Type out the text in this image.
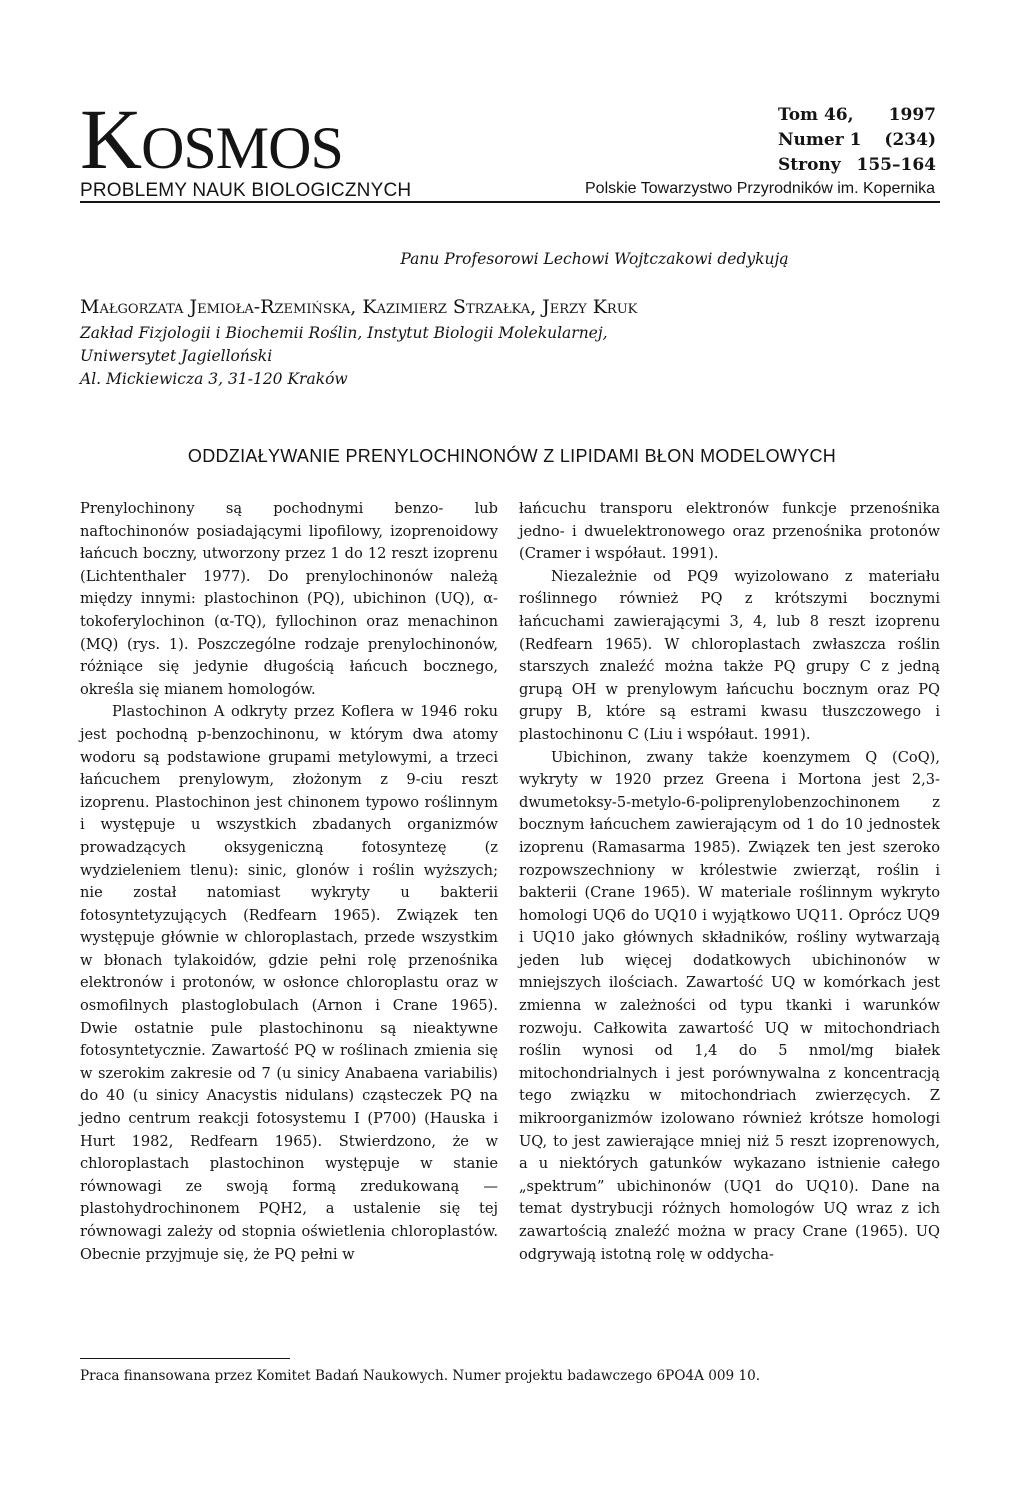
Kosmos
PROBLEMY NAUK BIOLOGICZNYCH
Tom 46, 1997
Numer 1 (234)
Strony 155–164
Polskie Towarzystwo Przyrodników im. Kopernika
Panu Profesorowi Lechowi Wojtczakowi dedykują
Małgorzata Jemioła-Rzemińska, Kazimierz Strzałka, Jerzy Kruk
Zakład Fizjologii i Biochemii Roślin, Instytut Biologii Molekularnej,
Uniwersytet Jagielloński
Al. Mickiewicza 3, 31-120 Kraków
ODDZIAŁYWANIE PRENYLOCHINONÓW Z LIPIDAMI BŁON MODELOWYCH

Prenylochinony są pochodnymi benzo- lub naftochinonów posiadającymi lipofilowy, izoprenoidowy łańcuch boczny, utworzony przez 1 do 12 reszt izoprenu (Lichtenthaler 1977). Do prenylochinonów należą między innymi: plastochinon (PQ), ubichinon (UQ), α-tokoferylochinon (α-TQ), fyllochinon oraz menachinon (MQ) (rys. 1). Poszczególne rodzaje prenylochinonów, różniące się jedynie długością łańcuch bocznego, określa się mianem homologów.

Plastochinon A odkryty przez Koflera w 1946 roku jest pochodną p-benzochinonu, w którym dwa atomy wodoru są podstawione grupami metylowymi, a trzeci łańcuchem prenylowym, złożonym z 9-ciu reszt izoprenu. Plastochinon jest chinonem typowo roślinnym i występuje u wszystkich zbadanych organizmów prowadzących oksygeniczną fotosyntezę (z wydzieleniem tlenu): sinic, glonów i roślin wyższych; nie został natomiast wykryty u bakterii fotosyntetyzujących (Redfearn 1965). Związek ten występuje głównie w chloroplastach, przede wszystkim w błonach tylakoidów, gdzie pełni rolę przenośnika elektronów i protonów, w osłonce chloroplastu oraz w osmofilnych plastoglobulach (Arnon i Crane 1965). Dwie ostatnie pule plastochinonu są nieaktywne fotosyntetycznie. Zawartość PQ w roślinach zmienia się w szerokim zakresie od 7 (u sinicy Anabaena variabilis) do 40 (u sinicy Anacystis nidulans) cząsteczek PQ na jedno centrum reakcji fotosystemu I (P700) (Hauska i Hurt 1982, Redfearn 1965). Stwierdzono, że w chloroplastach plastochinon występuje w stanie równowagi ze swoją formą zredukowaną — plastohydrochinonem PQH2, a ustalenie się tej równowagi zależy od stopnia oświetlenia chloroplastów. Obecnie przyjmuje się, że PQ pełni w

łańcuchu transporu elektronów funkcje przenośnika jedno- i dwuelektronowego oraz przenośnika protonów (Cramer i współaut. 1991).

Niezależnie od PQ9 wyizolowano z materiału roślinnego również PQ z krótszymi bocznymi łańcuchami zawierającymi 3, 4, lub 8 reszt izoprenu (Redfearn 1965). W chloroplastach zwłaszcza roślin starszych znaleźć można także PQ grupy C z jedną grupą OH w prenylowym łańcuchu bocznym oraz PQ grupy B, które są estrami kwasu tłuszczowego i plastochinonu C (Liu i współaut. 1991).

Ubichinon, zwany także koenzymem Q (CoQ), wykryty w 1920 przez Greena i Mortona jest 2,3-dwumetoksy-5-metylo-6-poliprenylobenzochinonem z bocznym łańcuchem zawierającym od 1 do 10 jednostek izoprenu (Ramasarma 1985). Związek ten jest szeroko rozpowszechniony w królestwie zwierząt, roślin i bakterii (Crane 1965). W materiale roślinnym wykryto homologi UQ6 do UQ10 i wyjątkowo UQ11. Oprócz UQ9 i UQ10 jako głównych składników, rośliny wytwarzają jeden lub więcej dodatkowych ubichinonów w mniejszych ilościach. Zawartość UQ w komórkach jest zmienna w zależności od typu tkanki i warunków rozwoju. Całkowita zawartość UQ w mitochondriach roślin wynosi od 1,4 do 5 nmol/mg białek mitochondrialnych i jest porównywalna z koncentracją tego związku w mitochondriach zwierzęcych. Z mikroorganizmów izolowano również krótsze homologi UQ, to jest zawierające mniej niż 5 reszt izoprenowych, a u niektórych gatunków wykazano istnienie całego „spektrum” ubichinonów (UQ1 do UQ10). Dane na temat dystrybucji różnych homologów UQ wraz z ich zawartością znaleźć można w pracy Crane (1965). UQ odgrywają istotną rolę w oddycha-

Praca finansowana przez Komitet Badań Naukowych. Numer projektu badawczego 6PO4A 009 10.
